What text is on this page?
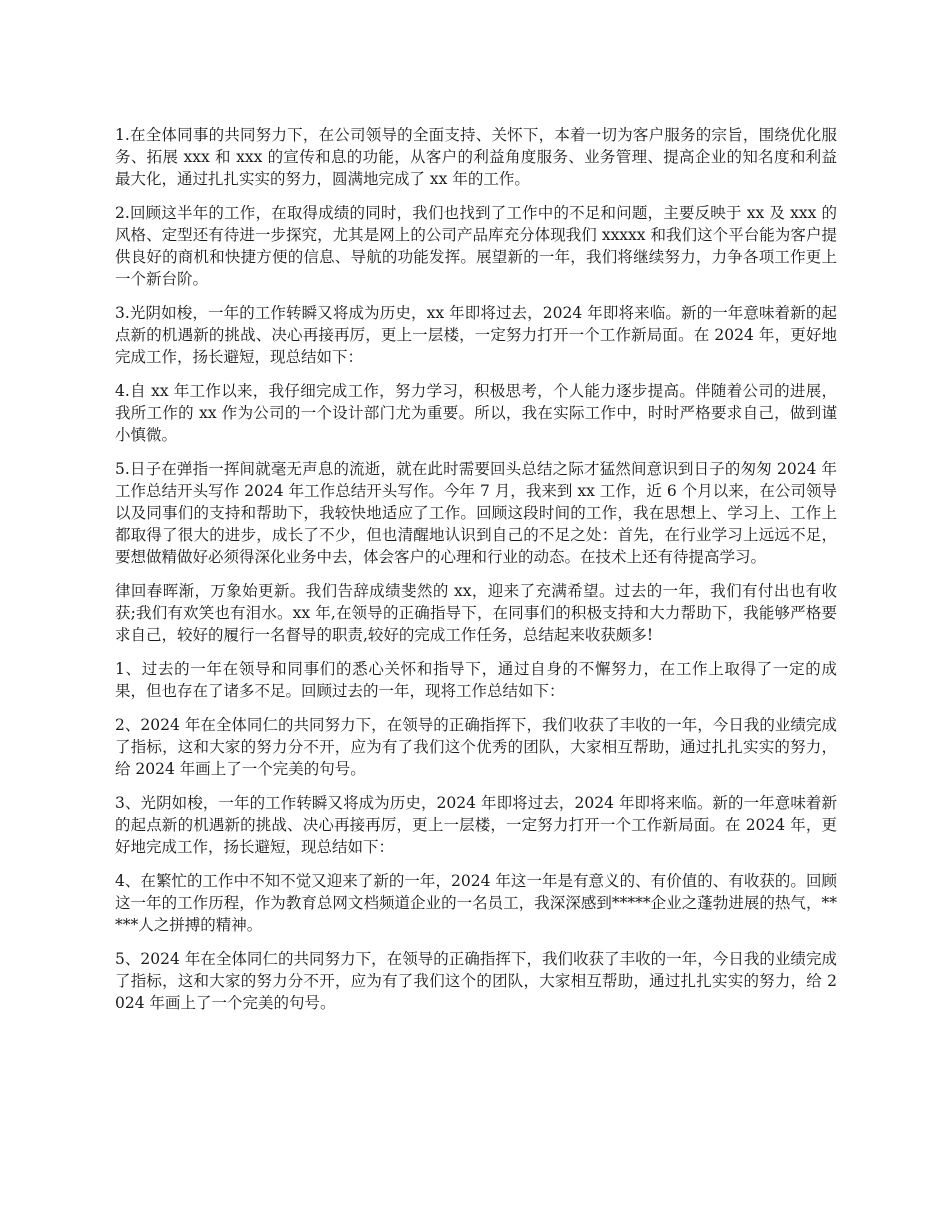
1.在全体同事的共同努力下，在公司领导的全面支持、关怀下，本着一切为客户服务的宗旨，围绕优化服务、拓展 xxx 和 xxx 的宣传和息的功能，从客户的利益角度服务、业务管理、提高企业的知名度和利益最大化，通过扎扎实实的努力，圆满地完成了 xx 年的工作。

2.回顾这半年的工作，在取得成绩的同时，我们也找到了工作中的不足和问题，主要反映于 xx 及 xxx 的风格、定型还有待进一步探究，尤其是网上的公司产品库充分体现我们 xxxxx 和我们这个平台能为客户提供良好的商机和快捷方便的信息、导航的功能发挥。展望新的一年，我们将继续努力，力争各项工作更上一个新台阶。

3.光阴如梭，一年的工作转瞬又将成为历史，xx 年即将过去，2024 年即将来临。新的一年意味着新的起点新的机遇新的挑战、决心再接再厉，更上一层楼，一定努力打开一个工作新局面。在 2024 年，更好地完成工作，扬长避短，现总结如下：

4.自 xx 年工作以来，我仔细完成工作，努力学习，积极思考，个人能力逐步提高。伴随着公司的进展，我所工作的 xx 作为公司的一个设计部门尤为重要。所以，我在实际工作中，时时严格要求自己，做到谨小慎微。

5.日子在弹指一挥间就毫无声息的流逝，就在此时需要回头总结之际才猛然间意识到日子的匆匆 2024 年工作总结开头写作 2024 年工作总结开头写作。今年 7 月，我来到 xx 工作，近 6 个月以来，在公司领导以及同事们的支持和帮助下，我较快地适应了工作。回顾这段时间的工作，我在思想上、学习上、工作上都取得了很大的进步，成长了不少，但也清醒地认识到自己的不足之处：首先，在行业学习上远远不足，要想做精做好必须得深化业务中去，体会客户的心理和行业的动态。在技术上还有待提高学习。

律回春晖渐，万象始更新。我们告辞成绩斐然的 xx，迎来了充满希望。过去的一年，我们有付出也有收获;我们有欢笑也有泪水。xx 年,在领导的正确指导下，在同事们的积极支持和大力帮助下，我能够严格要求自己，较好的履行一名督导的职责,较好的完成工作任务，总结起来收获颇多!

1、过去的一年在领导和同事们的悉心关怀和指导下，通过自身的不懈努力，在工作上取得了一定的成果，但也存在了诸多不足。回顾过去的一年，现将工作总结如下：

2、2024 年在全体同仁的共同努力下，在领导的正确指挥下，我们收获了丰收的一年，今日我的业绩完成了指标，这和大家的努力分不开，应为有了我们这个优秀的团队，大家相互帮助，通过扎扎实实的努力，给 2024 年画上了一个完美的句号。

3、光阴如梭，一年的工作转瞬又将成为历史，2024 年即将过去，2024 年即将来临。新的一年意味着新的起点新的机遇新的挑战、决心再接再厉，更上一层楼，一定努力打开一个工作新局面。在 2024 年，更好地完成工作，扬长避短，现总结如下：

4、在繁忙的工作中不知不觉又迎来了新的一年，2024 年这一年是有意义的、有价值的、有收获的。回顾这一年的工作历程，作为教育总网文档频道企业的一名员工，我深深感到*****企业之蓬勃进展的热气，*****人之拼搏的精神。

5、2024 年在全体同仁的共同努力下，在领导的正确指挥下，我们收获了丰收的一年，今日我的业绩完成了指标，这和大家的努力分不开，应为有了我们这个的团队，大家相互帮助，通过扎扎实实的努力，给 2024 年画上了一个完美的句号。
